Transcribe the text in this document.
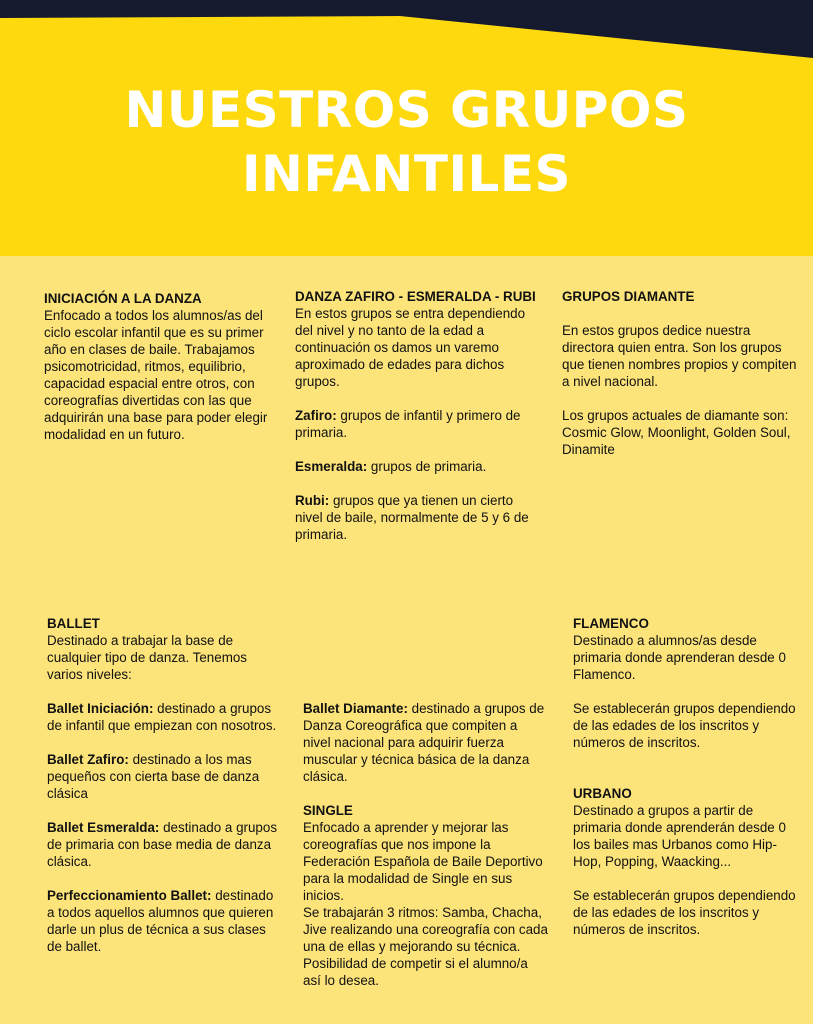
NUESTROS GRUPOS
INFANTILES
INICIACIÓN A LA DANZA

Enfocado a todos los alumnos/as del ciclo escolar infantil que es su primer año en clases de baile. Trabajamos psicomotricidad, ritmos, equilibrio, capacidad espacial entre otros, con coreografías divertidas con las que adquirirán una base para poder elegir modalidad en un futuro.

DANZA ZAFIRO - ESMERALDA - RUBI

En estos grupos se entra dependiendo del nivel y no tanto de la edad a continuación os damos un varemo aproximado de edades para dichos grupos.

Zafiro: grupos de infantil y primero de primaria.

Esmeralda: grupos de primaria.

Rubi: grupos que ya tienen un cierto nivel de baile, normalmente de 5 y 6 de primaria.

GRUPOS DIAMANTE

En estos grupos dedice nuestra directora quien entra. Son los grupos que tienen nombres propios y compiten a nivel nacional.

Los grupos actuales de diamante son: Cosmic Glow, Moonlight, Golden Soul, Dinamite

BALLET

Destinado a trabajar la base de cualquier tipo de danza. Tenemos varios niveles:

Ballet Iniciación: destinado a grupos de infantil que empiezan con nosotros.

Ballet Zafiro: destinado a los mas pequeños con cierta base de danza clásica

Ballet Esmeralda: destinado a grupos de primaria con base media de danza clásica.

Perfeccionamiento Ballet: destinado a todos aquellos alumnos que quieren darle un plus de técnica a sus clases de ballet.

Ballet Diamante: destinado a grupos de Danza Coreográfica que compiten a nivel nacional para adquirir fuerza muscular y técnica básica de la danza clásica.

SINGLE

Enfocado a aprender y mejorar las coreografías que nos impone la Federación Española de Baile Deportivo para la modalidad de Single en sus inicios.

Se trabajarán 3 ritmos: Samba, Chacha, Jive realizando una coreografía con cada una de ellas y mejorando su técnica.

Posibilidad de competir si el alumno/a así lo desea.

FLAMENCO

Destinado a alumnos/as desde primaria donde aprenderan desde 0 Flamenco.

Se establecerán grupos dependiendo de las edades de los inscritos y números de inscritos.

URBANO

Destinado a grupos a partir de primaria donde aprenderán desde 0 los bailes mas Urbanos como Hip-Hop, Popping, Waacking...

Se establecerán grupos dependiendo de las edades de los inscritos y números de inscritos.
